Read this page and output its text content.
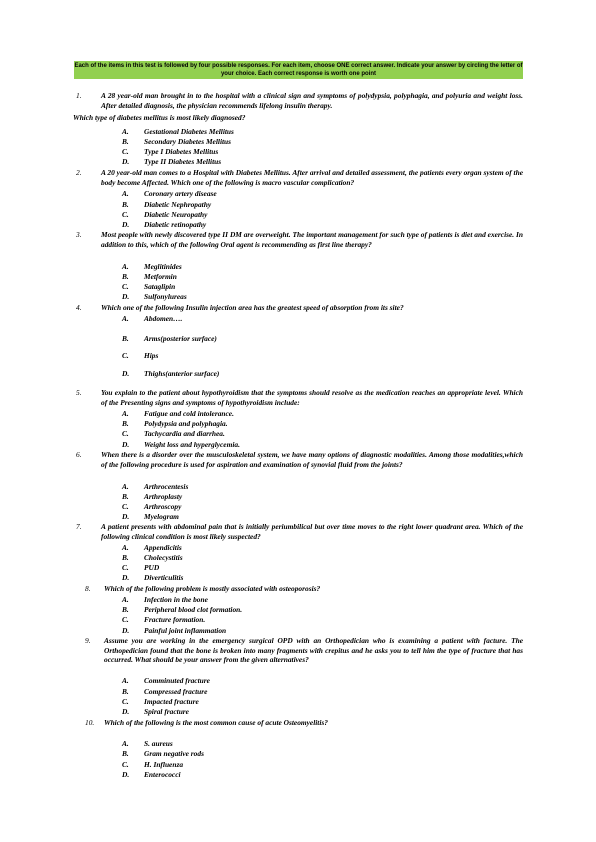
Each of the items in this test is followed by four possible responses. For each item, choose ONE correct answer. Indicate your answer by circling the letter of your choice. Each correct response is worth one point
1.	A 28 year-old man brought in to the hospital with a clinical sign and symptoms of polydypsia, polyphagia, and polyuria and weight loss. After detailed diagnosis, the physician recommends lifelong insulin therapy.
Which type of diabetes mellitus is most likely diagnosed?
A.	Gestational Diabetes Mellitus
B.	Secondary Diabetes Mellitus
C.	Type I Diabetes Mellitus
D.	Type II Diabetes Mellitus
2.	A 20 year-old man comes to a Hospital with Diabetes Mellitus. After arrival and detailed assessment, the patients every organ system of the body become Affected. Which one of the following is macro vascular complication?
A.	Coronary artery disease
B.	Diabetic Nephropathy
C.	Diabetic Neuropathy
D.	Diabetic retinopathy
3.	Most people with newly discovered type II DM are overweight. The important management for such type of patients is diet and exercise. In addition to this, which of the following Oral agent is recommending as first line therapy?
A.	Meglitinides
B.	Metformin
C.	Sataglipin
D.	Sulfonylureas
4.	Which one of the following Insulin injection area has the greatest speed of absorption from its site?
A.	Abdomen….
B.	Arms(posterior surface)
C.	Hips
D.	Thighs(anterior surface)
5.	You explain to the patient about hypothyroidism that the symptoms should resolve as the medication reaches an appropriate level. Which of the Presenting signs and symptoms of hypothyroidism include:
A.	Fatigue and cold intolerance.
B.	Polydypsia and polyphagia.
C.	Tachycardia and diarrhea.
D.	Weight loss and hyperglycemia.
6.	When there is a disorder over the musculoskeletal system, we have many options of diagnostic modalities. Among those modalities,which of the following procedure is used for aspiration and examination of synovial fluid from the joints?
A.	Arthrocentesis
B.	Arthroplasty
C.	Arthroscopy
D.	Myelogram
7.	A patient presents with abdominal pain that is initially periumbilical but over time moves to the right lower quadrant area. Which of the following clinical condition is most likely suspected?
A.	Appendicitis
B.	Cholecystitis
C.	PUD
D.	Diverticulitis
8. Which of the following problem is mostly associated with osteoporosis?
A.	Infection in the bone
B.	Peripheral blood clot formation.
C.	Fracture formation.
D.	Painful joint inflammation
9. Assume you are working in the emergency surgical OPD with an Orthopedician who is examining a patient with facture. The Orthopedician found that the bone is broken into many fragments with crepitus and he asks you to tell him the type of fracture that has occurred. What should be your answer from the given alternatives?
A.	Comminuted fracture
B.	Compressed fracture
C.	Impacted fracture
D.	Spiral fracture
10. Which of the following is the most common cause of acute Osteomyelitis?
A.	S. aureus
B.	Gram negative rods
C.	H. Influenza
D.	Enterococci
